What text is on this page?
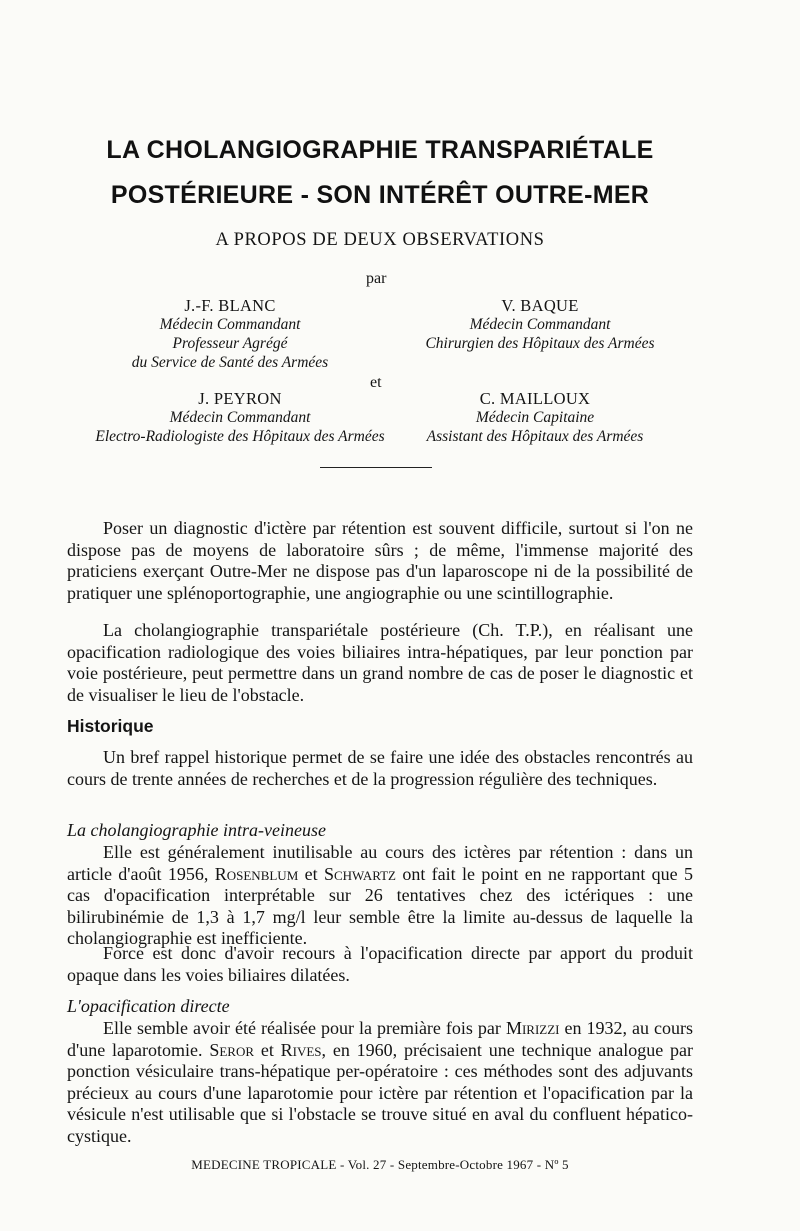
LA CHOLANGIOGRAPHIE TRANSPARIÉTALE
POSTÉRIEURE - SON INTÉRÊT OUTRE-MER
A PROPOS DE DEUX OBSERVATIONS
par
J.-F. BLANC
Médecin Commandant
Professeur Agrégé
du Service de Santé des Armées
V. BAQUE
Médecin Commandant
Chirurgien des Hôpitaux des Armées
et
J. PEYRON
Médecin Commandant
Electro-Radiologiste des Hôpitaux des Armées
C. MAILLOUX
Médecin Capitaine
Assistant des Hôpitaux des Armées

Poser un diagnostic d'ictère par rétention est souvent difficile, surtout si l'on ne dispose pas de moyens de laboratoire sûrs ; de même, l'immense majorité des praticiens exerçant Outre-Mer ne dispose pas d'un laparoscope ni de la possibilité de pratiquer une splénoportographie, une angiographie ou une scintillographie.

La cholangiographie transpariétale postérieure (Ch. T.P.), en réalisant une opacification radiologique des voies biliaires intra-hépatiques, par leur ponction par voie postérieure, peut permettre dans un grand nombre de cas de poser le diagnostic et de visualiser le lieu de l'obstacle.

Historique

Un bref rappel historique permet de se faire une idée des obstacles rencontrés au cours de trente années de recherches et de la progression régulière des techniques.

La cholangiographie intra-veineuse

Elle est généralement inutilisable au cours des ictères par rétention : dans un article d'août 1956, Rosenblum et Schwartz ont fait le point en ne rapportant que 5 cas d'opacification interprétable sur 26 tentatives chez des ictériques : une bilirubinémie de 1,3 à 1,7 mg/l leur semble être la limite au-dessus de laquelle la cholangiographie est inefficiente.

Force est donc d'avoir recours à l'opacification directe par apport du produit opaque dans les voies biliaires dilatées.

L'opacification directe

Elle semble avoir été réalisée pour la premiàre fois par Mirizzi en 1932, au cours d'une laparotomie. Seror et Rives, en 1960, précisaient une technique analogue par ponction vésiculaire trans-hépatique per-opératoire : ces méthodes sont des adjuvants précieux au cours d'une laparotomie pour ictère par rétention et l'opacification par la vésicule n'est utilisable que si l'obstacle se trouve situé en aval du confluent hépatico-cystique.

MEDECINE TROPICALE - Vol. 27 - Septembre-Octobre 1967 - Nº 5
